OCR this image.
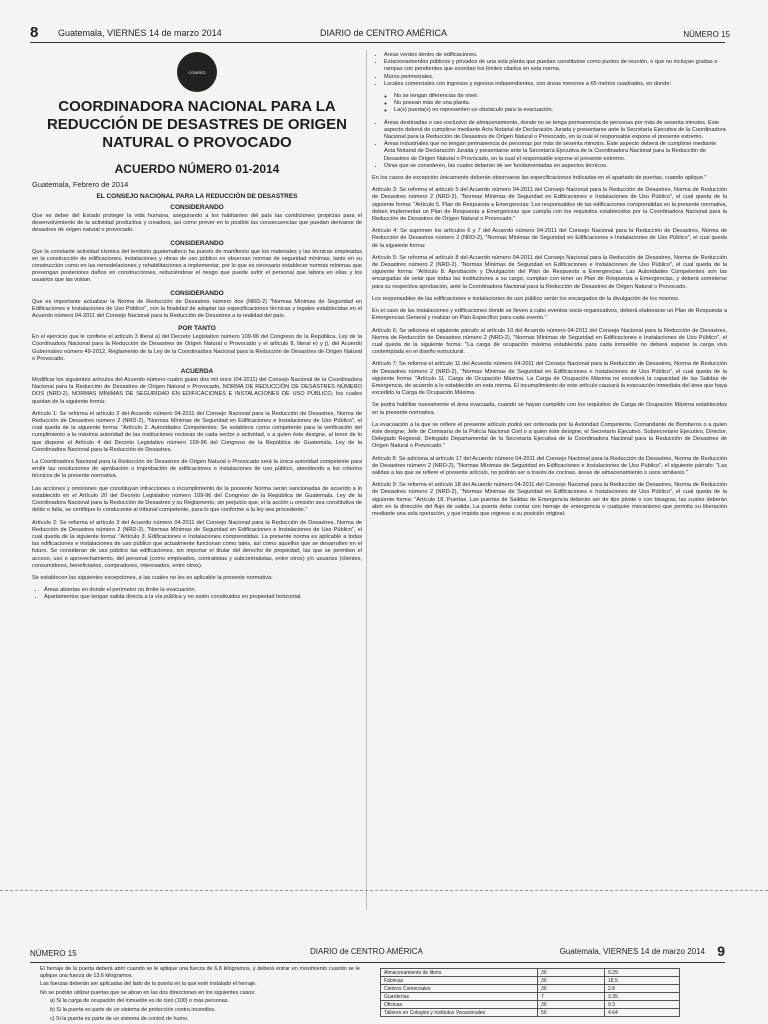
8 Guatemala, VIERNES 14 de marzo 2014	DIARIO de CENTRO AMÉRICA	NÚMERO 15
CONRED
COORDINADORA NACIONAL PARA LA REDUCCIÓN DE DESASTRES DE ORIGEN NATURAL O PROVOCADO
ACUERDO NÚMERO 01-2014
Guatemala, Febrero de 2014
EL CONSEJO NACIONAL PARA LA REDUCCIÓN DE DESASTRES
CONSIDERANDO

Que es deber del Estado proteger la vida humana, asegurando a los habitantes del país las condiciones propicias para el desenvolvimiento de la actividad productiva y creadora, así como prever en lo posible las consecuencias que puedan derivarse de desastres de origen natural o provocado.

CONSIDERANDO

Que la constante actividad sísmica del territorio guatemalteco ha puesto de manifiesto que los materiales y las técnicas empleadas en la construcción de edificaciones, instalaciones y obras de uso público no observan normas de seguridad mínimas, tanto en su construcción como en las remodelaciones y rehabilitaciones a implementar, por lo que es necesario establecer normas mínimas que prevengan posteriores daños en construcciones, reduciéndose el riesgo que puede sufrir el personal que labora en ellas y los usuarios que las visitan.

CONSIDERANDO

Que es importante actualizar la Norma de Reducción de Desastres número dos (NRD-2) "Normas Mínimas de Seguridad en Edificaciones e Instalaciones de Uso Público", con la finalidad de adaptar las especificaciones técnicas y legales establecidas en el Acuerdo número 04-2011 del Consejo Nacional para la Reducción de Desastres a la realidad del país.

POR TANTO

En el ejercicio que le confiere el artículo 3 literal a) del Decreto Legislativo número 109-96 del Congreso de la República, Ley de la Coordinadora Nacional para la Reducción de Desastres de Origen Natural o Provocado y el artículo 8, literal e) y j), del Acuerdo Gubernativo número 49-2012, Reglamento de la Ley de la Coordinadora Nacional para la Reducción de Desastres de Origen Natural o Provocado.

ACUERDA

Modificar los siguientes artículos del Acuerdo número cuatro guion dos mil once (04-2011) del Consejo Nacional de la Coordinadora Nacional para la Reducción de Desastres de Origen Natural o Provocado, NORMA DE REDUCCIÓN DE DESASTRES NÚMERO DOS (NRD-2), NORMAS MÍNIMAS DE SEGURIDAD EN EDIFICACIONES E INSTALACIONES DE USO PÚBLICO, los cuales quedan de la siguiente forma:

Artículo 1: Se reforma el artículo 2 del Acuerdo número 04-2011 del Consejo Nacional para la Reducción de Desastres, Norma de Reducción de Desastres número 2 (NRD-2), "Normas Mínimas de Seguridad en Edificaciones e Instalaciones de Uso Público", el cual queda de la siguiente forma: "Artículo 2. Autoridades Competentes: Se establece como competente para la verificación del cumplimiento a la máxima autoridad de las instituciones rectoras de cada sector o actividad, o a quien éste designe, al tenor de lo que dispone el Artículo 4 del Decreto Legislativo número 109-96 del Congreso de la República de Guatemala, Ley de la Coordinadora Nacional para la Reducción de Desastres.

La Coordinadora Nacional para la Reducción de Desastres de Origen Natural o Provocado será la única autoridad competente para emitir las resoluciones de aprobación o improbación de edificaciones o instalaciones de uso público, atendiendo a los criterios técnicos de la presente normativa.

Las acciones y omisiones que constituyan infracciones o incumplimiento de la presente Norma serán sancionadas de acuerdo a lo establecido en el Artículo 20 del Decreto Legislativo número 109-96 del Congreso de la República de Guatemala, Ley de la Coordinadora Nacional para la Reducción de Desastres y su Reglamento, sin perjuicio que, si la acción u omisión sea constitutiva de delito o falta, se certifique lo conducente al tribunal competente, para lo que conforme a la ley sea procedente."

Artículo 2: Se reforma el artículo 3 del Acuerdo número 04-2011 del Consejo Nacional para la Reducción de Desastres, Norma de Reducción de Desastres número 2 (NRD-2), "Normas Mínimas de Seguridad en Edificaciones e Instalaciones de Uso Público", el cual queda de la siguiente forma: "Artículo 3: Edificaciones e Instalaciones comprendidas. La presente norma es aplicable a todas las edificaciones e instalaciones de uso público que actualmente funcionan como tales, así como aquellos que se desarrollen en el futuro. Se consideran de uso público las edificaciones, sin importar el titular del derecho de propiedad, las que se permiten el acceso, uso o aprovechamiento, del personal (como empleados, contratistas y subcontratistas, entre otros) y/o usuarios (clientes, consumidores, beneficiarios, compradores, interesados, entre otros).

Se establecen las siguientes excepciones, a las cuales no les es aplicable la presente normativa:

• Áreas abiertas en donde el perímetro no limite la evacuación.
• Apartamentos que tengan salida directa a la vía pública y no estén constituidos en propiedad horizontal.
• Áreas verdes dentro de edificaciones.
• Estacionamientos públicos y privados de una sola planta que puedan constituirse como puntos de reunión, o que no incluyan gradas o rampas con pendientes que excedan los límites citados en esta norma.
• Muros perimetrales.
• Locales comerciales con ingresos y egresos independientes, con áreas menores a 65 metros cuadrados, en donde:
◦ No se tengan diferencias de nivel.
◦ No posean más de una planta.
◦ La(s) puerta(s) no representen un obstáculo para la evacuación.
• Áreas destinadas o uso exclusivo de almacenamiento, donde no se tenga permanencia de personas por más de sesenta minutos. Este aspecto deberá de cumplirse mediante Acta Notarial de Declaración Jurada y presentarse ante la Secretaría Ejecutiva de la Coordinadora Nacional para la Reducción de Desastres de Origen Natural o Provocado, en la cual el responsable expone el presente extremo.
• Áreas industriales que no tengan permanencia de personas por más de sesenta minutos. Este aspecto deberá de cumplirse mediante Acta Notarial de Declaración Jurada y presentarse ante la Secretaría Ejecutiva de la Coordinadora Nacional para la Reducción de Desastres de Origen Natural o Provocado, en la cual el responsable expone el presente extremo.
• Otras que se consideren, las cuales deberán de ser fundamentadas en aspectos técnicos.

En los casos de excepción únicamente deberán observarse las especificaciones indicadas en el apartado de puertas, cuando aplique."

Artículo 3: Se reforma el artículo 5 del Acuerdo número 04-2011 del Consejo Nacional para la Reducción de Desastres, Norma de Reducción de Desastres número 2 (NRD-2), "Normas Mínimas de Seguridad en Edificaciones e Instalaciones de Uso Público", el cual queda de la siguiente forma: "Artículo 5. Plan de Respuesta a Emergencias: Los responsables de las edificaciones comprendidas en la presente normativa, deben implementar un Plan de Respuesta a Emergencias que cumpla con los requisitos establecidos por la Coordinadora Nacional para la Reducción de Desastres de Origen Natural o Provocado."

Artículo 4: Se suprimen los artículos 6 y 7 del Acuerdo número 04-2011 del Consejo Nacional para la Reducción de Desastres, Norma de Reducción de Desastres número 2 (NRD-2), "Normas Mínimas de Seguridad en Edificaciones e Instalaciones de Uso Público", el cual queda de la siguiente forma:

Artículo 5: Se reforma el artículo 8 del Acuerdo número 04-2011 del Consejo Nacional para la Reducción de Desastres, Norma de Reducción de Desastres número 2 (NRD-2), "Normas Mínimas de Seguridad en Edificaciones e Instalaciones de Uso Público", el cual queda de la siguiente forma: "Artículo 8. Aprobación y Divulgación del Plan de Respuesta a Emergencias. Las Autoridades Competentes son las encargadas de velar que todas las instituciones a su cargo, cumplan con tener un Plan de Respuesta a Emergencias, y deberá someterse para su respectiva aprobación, ante la Coordinadora Nacional para la Reducción de Desastres de Origen Natural o Provocado.

Los responsables de las edificaciones e instalaciones de uso público serán los encargados de la divulgación de los mismos.

En el caso de las instalaciones y edificaciones donde se lleven a cabo eventos socio-organizativos, deberá elaborarse un Plan de Respuesta a Emergencias General y realizar un Plan Específico para cada evento."

Artículo 6: Se adiciona el siguiente párrafo al artículo 10 del Acuerdo número 04-2011 del Consejo Nacional para la Reducción de Desastres, Norma de Reducción de Desastres número 2 (NRD-2), "Normas Mínimas de Seguridad en Edificaciones e Instalaciones de Uso Público", el cual queda de la siguiente forma: "La carga de ocupación máxima establecida para cada inmueble no deberá superar la carga viva contemplada en el diseño estructural.

Artículo 7: Se reforma el artículo 11 del Acuerdo número 04-2011 del Consejo Nacional para la Reducción de Desastres, Norma de Reducción de Desastres número 2 (NRD-2), "Normas Mínimas de Seguridad en Edificaciones e Instalaciones de Uso Público", el cual queda de la siguiente forma: "Artículo 11. Carga de Ocupación Máxima. La Carga de Ocupación Máxima no excederá la capacidad de las Salidas de Emergencia, de acuerdo a lo establecido en esta norma. El incumplimiento de este artículo causará la evacuación inmediata del área que haya excedido la Carga de Ocupación Máxima.

Se podrá habilitar nuevamente el área evacuada, cuando se hayan cumplido con los requisitos de Carga de Ocupación Máxima establecidos en la presente normativa.

La evacuación a la que se refiere el presente artículo podrá ser ordenada por la Autoridad Competente, Comandante de Bomberos o a quien éste designe; Jefe de Comisaría de la Policía Nacional Civil o a quien éste designe; el Secretario Ejecutivo, Subsecretario Ejecutivo, Director, Delegado Regional, Delegado Departamental de la Secretaría Ejecutiva de la Coordinadora Nacional para la Reducción de Desastres de Origen Natural o Provocado."

Artículo 8: Se adiciona al artículo 17 del Acuerdo número 04-2011 del Consejo Nacional para la Reducción de Desastres, Norma de Reducción de Desastres número 2 (NRD-2), "Normas Mínimas de Seguridad en Edificaciones e Instalaciones de Uso Público", el siguiente párrafo: "Las salidas a las que se refiere el presente artículo, no podrán ser a través de cocinas, áreas de almacenamiento o usos similares."

Artículo 9: Se reforma el artículo 18 del Acuerdo número 04-2011 del Consejo Nacional para la Reducción de Desastres, Norma de Reducción de Desastres número 2 (NRD-2), "Normas Mínimas de Seguridad en Edificaciones e Instalaciones de Uso Público", el cual queda de la siguiente forma: "Artículo 18. Puertas. Las puertas de Salidas de Emergencia deberán ser de tipo pivote o con bisagras, las cuales deberán abrir en la dirección del flujo de salida. La puerta debe contar con herraje de emergencia o cualquier mecanismo que permita su liberación mediante una sola operación, y que impida que regrese a su posición original.

NÚMERO 15	DIARIO de CENTRO AMÉRICA	Guatemala, VIERNES 14 de marzo 2014 9

El herraje de la puerta deberá abrir cuando se le aplique una fuerza de 6.8 kilogramos, y deberá entrar en movimiento cuando se le aplique una fuerza de 13.6 kilogramos.

Las fuerzas deberán ser aplicadas del lado de la puerta en la que esté instalado el herraje.

No se podrán utilizar puertas que se abran en las dos direcciones en los siguientes casos:

a) Si la carga de ocupación del inmueble es de cien (100) o más personas.

b) Si la puerta es parte de un sistema de protección contra incendios.

c) Si la puerta es parte de un sistema de control de humo.

Almacenamiento de libros	30	9.29
Fábricas	30	18.5
Centros Comerciales	30	2.8
Guarderías	7	3.35
Oficinas	30	9.3
Talleres en Colegios y Institutos Vocacionales	50	4.64
